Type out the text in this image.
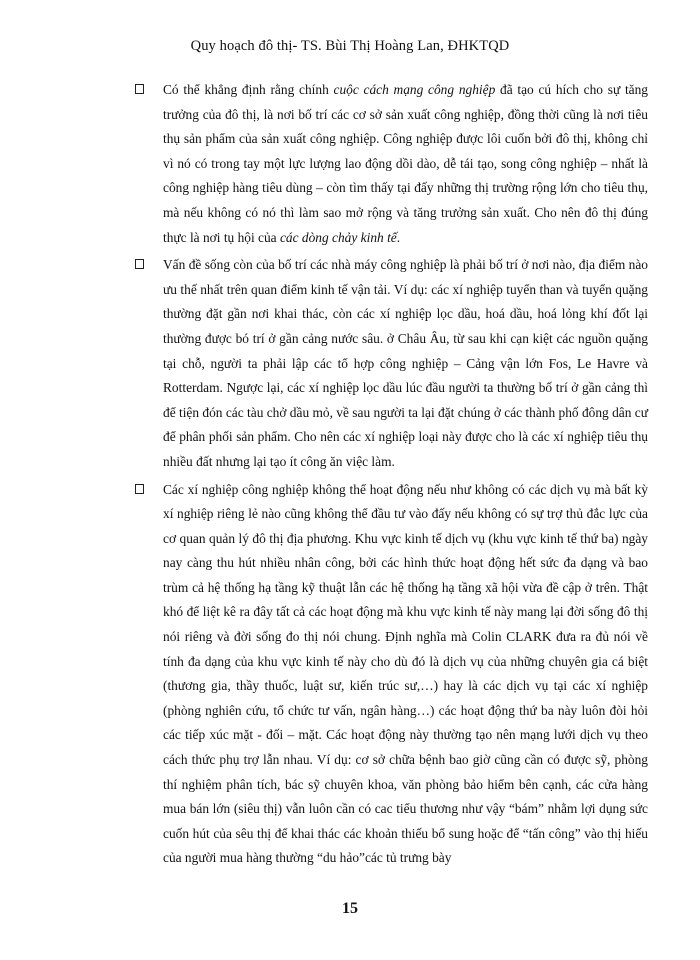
Quy hoạch đô thị- TS. Bùi Thị Hoàng Lan, ĐHKTQD

Có thể khẳng định rằng chính cuộc cách mạng công nghiệp đã tạo cú hích cho sự tăng trưởng của đô thị, là nơi bố trí các cơ sở sản xuất công nghiệp, đồng thời cũng là nơi tiêu thụ sản phẩm của sản xuất công nghiệp. Công nghiệp được lôi cuốn bởi đô thị, không chỉ vì nó có trong tay một lực lượng lao động dồi dào, dễ tái tạo, song công nghiệp – nhất là công nghiệp hàng tiêu dùng – còn tìm thấy tại đấy những thị trường rộng lớn cho tiêu thụ, mà nếu không có nó thì làm sao mở rộng và tăng trưởng sản xuất. Cho nên đô thị đúng thực là nơi tụ hội của các dòng chảy kinh tế.

Vấn đề sống còn của bố trí các nhà máy công nghiệp là phải bố trí ở nơi nào, địa điểm nào ưu thế nhất trên quan điểm kinh tế vận tải. Ví dụ: các xí nghiệp tuyển than và tuyển quặng thường đặt gần nơi khai thác, còn các xí nghiệp lọc dầu, hoá dầu, hoá lỏng khí đốt lại thường được bó trí ở gần cảng nước sâu. ở Châu Âu, từ sau khi cạn kiệt các nguồn quặng tại chỗ, người ta phải lập các tổ hợp công nghiệp – Cảng vận lớn Fos, Le Havre và Rotterdam. Ngược lại, các xí nghiệp lọc dầu lúc đầu người ta thường bố trí ở gần cảng thì để tiện đón các tàu chở dầu mỏ, về sau người ta lại đặt chúng ở các thành phố đông dân cư để phân phối sản phẩm. Cho nên các xí nghiệp loại này được cho là các xí nghiệp tiêu thụ nhiều đất nhưng lại tạo ít công ăn việc làm.

Các xí nghiệp công nghiệp không thể hoạt động nếu như không có các dịch vụ mà bất kỳ xí nghiệp riêng lẻ nào cũng không thể đầu tư vào đấy nếu không có sự trợ thủ đắc lực của cơ quan quản lý đô thị địa phương. Khu vực kinh tế dịch vụ (khu vực kinh tế thứ ba) ngày nay càng thu hút nhiều nhân công, bởi các hình thức hoạt động hết sức đa dạng và bao trùm cả hệ thống hạ tầng kỹ thuật lẫn các hệ thống hạ tầng xã hội vừa đề cập ở trên. Thật khó để liệt kê ra đây tất cả các hoạt động mà khu vực kinh tế này mang lại đời sống đô thị nói riêng và đời sống đo thị nói chung. Định nghĩa mà Colin CLARK đưa ra đủ nói về tính đa dạng của khu vực kinh tế này cho dù đó là dịch vụ của những chuyên gia cá biệt (thương gia, thầy thuốc, luật sư, kiến trúc sư,…) hay là các dịch vụ tại các xí nghiệp (phòng nghiên cứu, tổ chức tư vấn, ngân hàng…) các hoạt động thứ ba này luôn đòi hỏi các tiếp xúc mặt - đối – mặt. Các hoạt động này thường tạo nên mạng lưới dịch vụ theo cách thức phụ trợ lẫn nhau. Ví dụ: cơ sở chữa bệnh bao giờ cũng cần có được sỹ, phòng thí nghiệm phân tích, bác sỹ chuyên khoa, văn phòng bảo hiểm bên cạnh, các cửa hàng mua bán lớn (siêu thị) vẫn luôn cần có cac tiểu thương như vậy “bám” nhằm lợi dụng sức cuốn hút của sêu thị để khai thác các khoản thiếu bổ sung hoặc để “tấn công” vào thị hiếu của người mua hàng thường “du hảo”các tủ trưng bày

15
